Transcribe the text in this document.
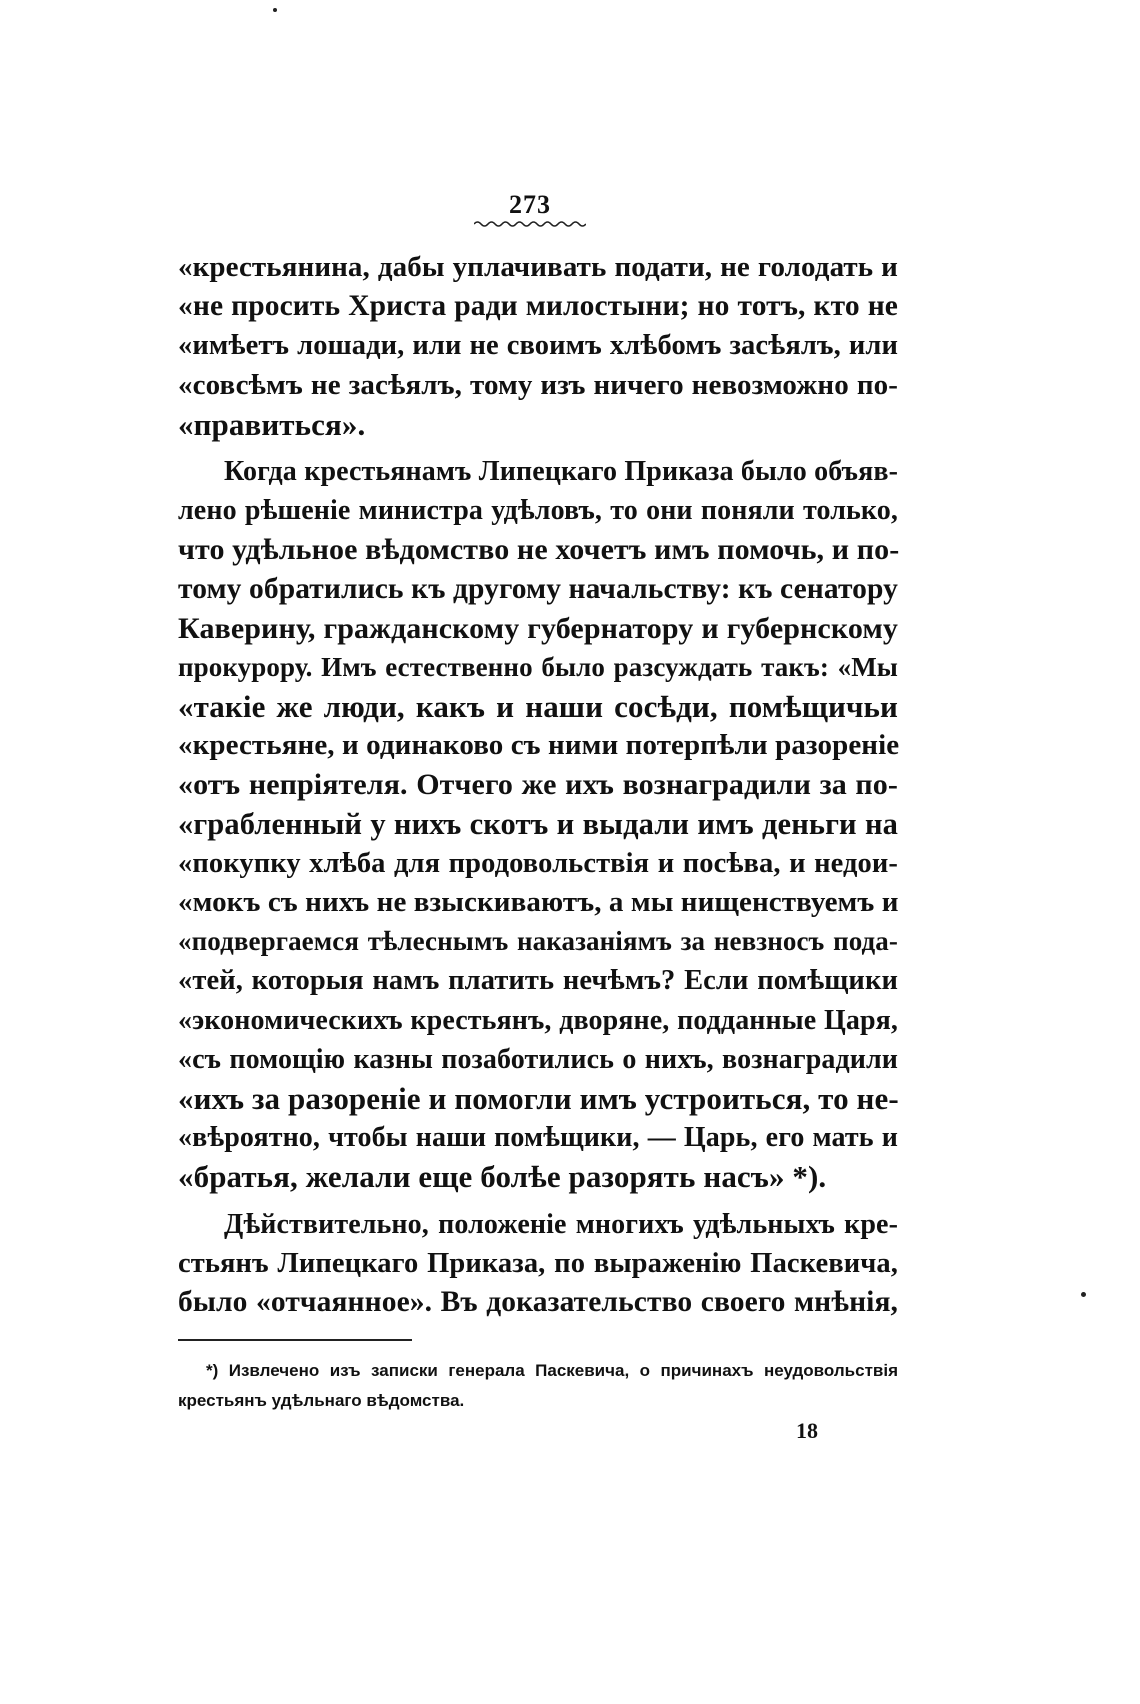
273
«крестьянина, дабы уплачивать подати, не голодать и
«не просить Христа ради милостыни; но тотъ, кто не
«имѣетъ лошади, или не своимъ хлѣбомъ засѣялъ, или
«совсѣмъ не засѣялъ, тому изъ ничего невозможно по-
«правиться».
Когда крестьянамъ Липецкаго Приказа было объяв-
лено рѣшеніе министра удѣловъ, то они поняли только,
что удѣльное вѣдомство не хочетъ имъ помочь, и по-
тому обратились къ другому начальству: къ сенатору
Каверину, гражданскому губернатору и губернскому
прокурору. Имъ естественно было разсуждать такъ: «Мы
«такіе же люди, какъ и наши сосѣди, помѣщичьи
«крестьяне, и одинаково съ ними потерпѣли разореніе
«отъ непріятеля. Отчего же ихъ вознаградили за по-
«грабленный у нихъ скотъ и выдали имъ деньги на
«покупку хлѣба для продовольствія и посѣва, и недои-
«мокъ съ нихъ не взыскиваютъ, а мы нищенствуемъ и
«подвергаемся тѣлеснымъ наказаніямъ за невзносъ пода-
«тей, которыя намъ платить нечѣмъ? Если помѣщики
«экономическихъ крестьянъ, дворяне, подданные Царя,
«съ помощію казны позаботились о нихъ, вознаградили
«ихъ за разореніе и помогли имъ устроиться, то не-
«вѣроятно, чтобы наши помѣщики, — Царь, его мать и
«братья, желали еще болѣе разорять насъ» *).
Дѣйствительно, положеніе многихъ удѣльныхъ кре-
стьянъ Липецкаго Приказа, по выраженію Паскевича,
было «отчаянное». Въ доказательство своего мнѣнія,
*) Извлечено изъ записки генерала Паскевича, о причинахъ неудовольствія
крестьянъ удѣльнаго вѣдомства.
18
